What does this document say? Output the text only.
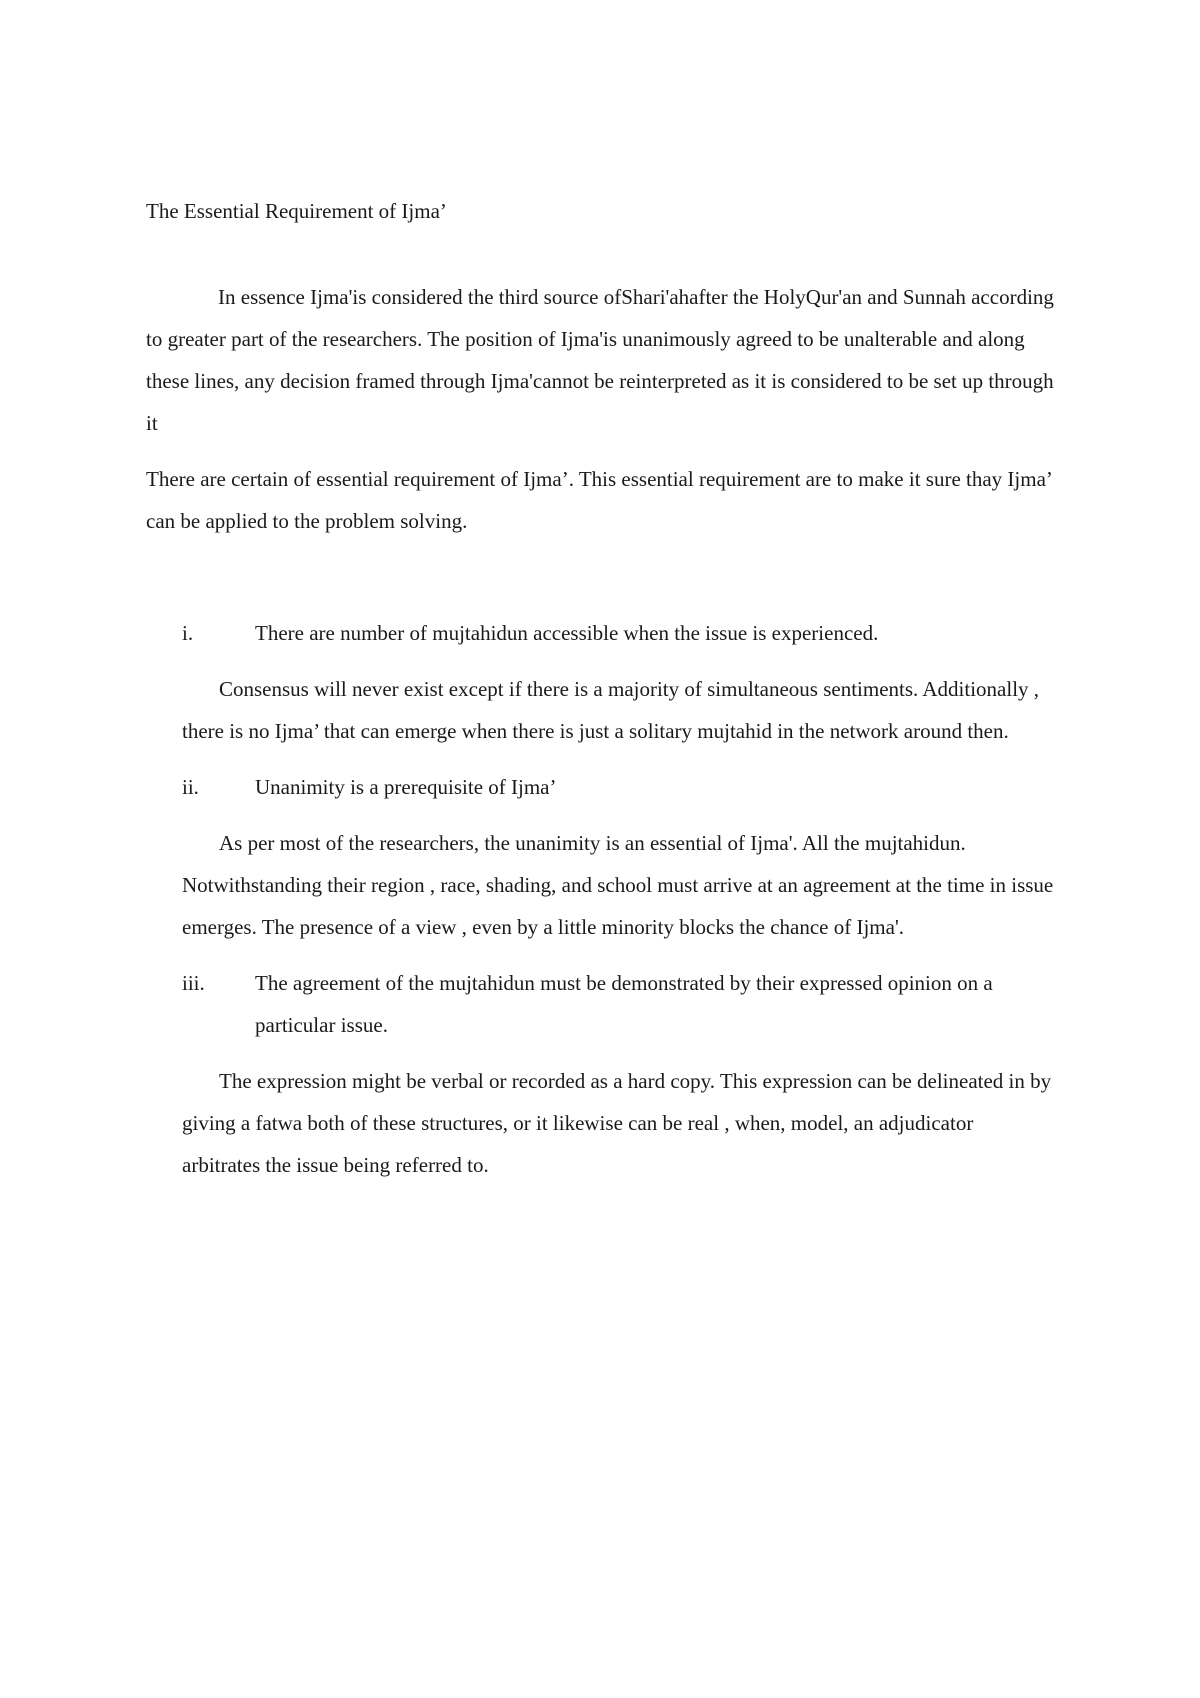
The Essential Requirement of Ijma’

In essence Ijma'is considered the third source ofShari'ahafter the HolyQur'an and Sunnah according to greater part of the researchers. The position of Ijma'is unanimously agreed to be unalterable and along these lines, any decision framed through Ijma'cannot be reinterpreted as it is considered to be set up through it

There are certain of essential requirement of Ijma’. This essential requirement are to make it sure thay Ijma’ can be applied to the problem solving.

i.	There are number of mujtahidun accessible when the issue is experienced.

Consensus will never exist except if there is a majority of simultaneous sentiments. Additionally , there is no Ijma’ that can emerge when there is just a solitary mujtahid in the network around then.

ii.	Unanimity is a prerequisite of Ijma’

As per most of the researchers, the unanimity is an essential of Ijma'. All the mujtahidun. Notwithstanding their region , race, shading, and school must arrive at an agreement at the time in issue emerges. The presence of a view , even by a little minority blocks the chance of Ijma'.

iii.	The agreement of the mujtahidun must be demonstrated by their expressed opinion on a particular issue.

The expression might be verbal or recorded as a hard copy. This expression can be delineated in by giving a fatwa both of these structures, or it likewise can be real , when, model, an adjudicator arbitrates the issue being referred to.
